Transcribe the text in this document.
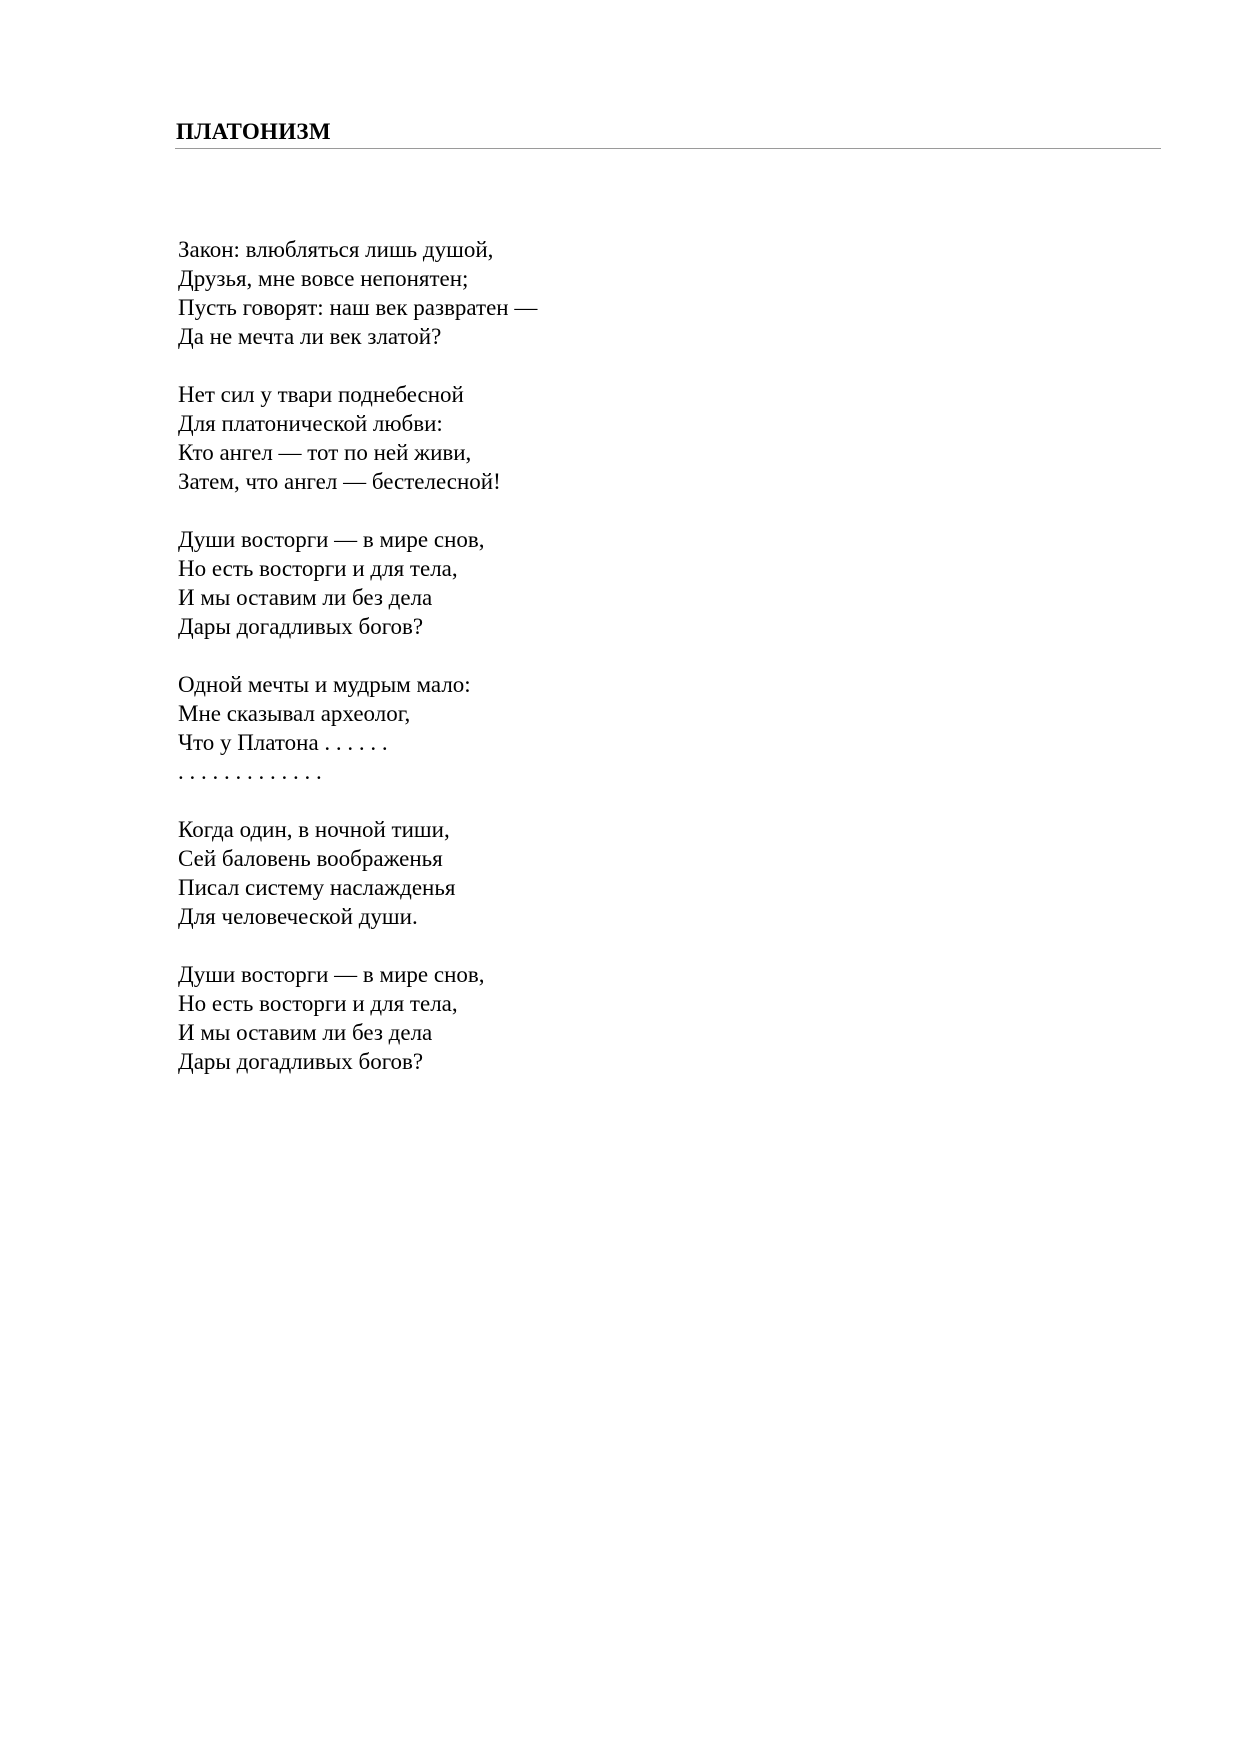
ПЛАТОНИЗМ
Закон: влюбляться лишь душой,
Друзья, мне вовсе непонятен;
Пусть говорят: наш век развратен —
Да не мечта ли век златой?
Нет сил у твари поднебесной
Для платонической любви:
Кто ангел — тот по ней живи,
Затем, что ангел — бестелесной!
Души восторги — в мире снов,
Но есть восторги и для тела,
И мы оставим ли без дела
Дары догадливых богов?
Одной мечты и мудрым мало:
Мне сказывал археолог,
Что у Платона . . . . . .
. . . . . . . . . . . . .
Когда один, в ночной тиши,
Сей баловень воображенья
Писал систему наслажденья
Для человеческой души.
Души восторги — в мире снов,
Но есть восторги и для тела,
И мы оставим ли без дела
Дары догадливых богов?
